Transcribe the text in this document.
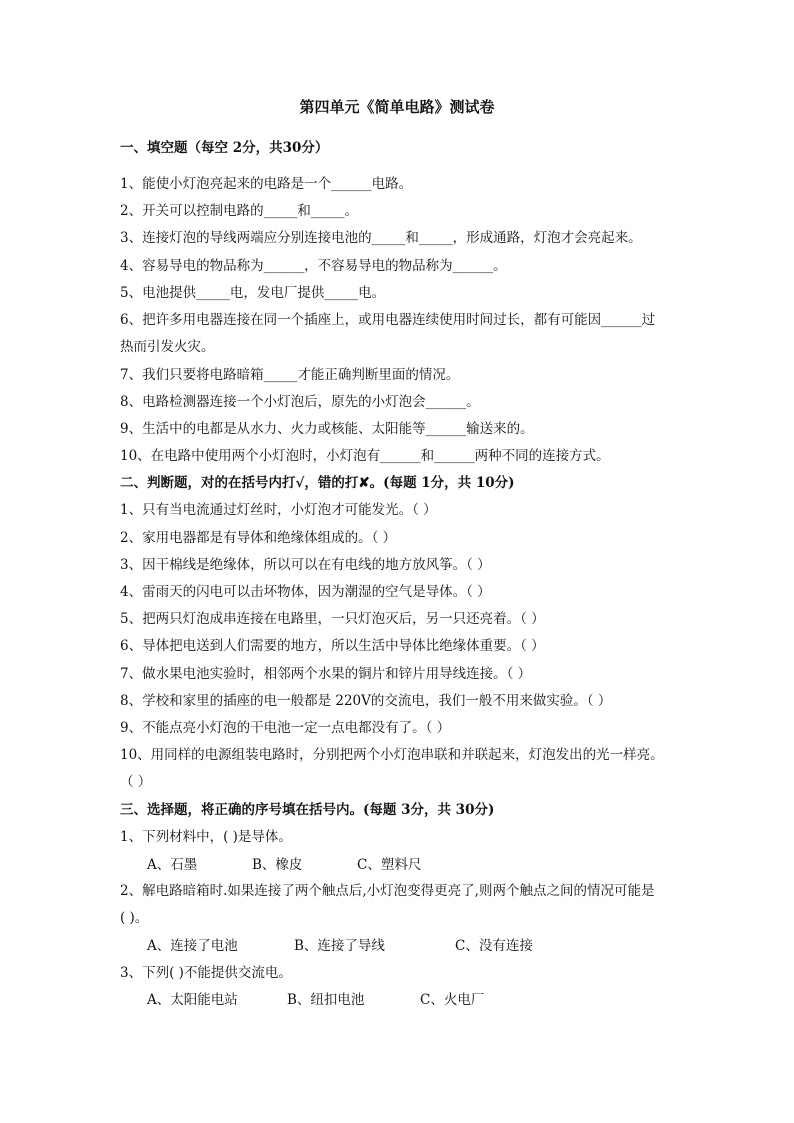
第四单元《简单电路》测试卷
一、填空题（每空 2分，共30分）
1、能使小灯泡亮起来的电路是一个______电路。
2、开关可以控制电路的_____和_____。
3、连接灯泡的导线两端应分别连接电池的_____和_____，形成通路，灯泡才会亮起来。
4、容易导电的物品称为______，不容易导电的物品称为______。
5、电池提供_____电，发电厂提供_____电。
6、把许多用电器连接在同一个插座上，或用电器连续使用时间过长，都有可能因______过
热而引发火灾。
7、我们只要将电路暗箱_____才能正确判断里面的情况。
8、电路检测器连接一个小灯泡后，原先的小灯泡会______。
9、生活中的电都是从水力、火力或核能、太阳能等______输送来的。
10、在电路中使用两个小灯泡时，小灯泡有______和______两种不同的连接方式。
二、判断题，对的在括号内打√，错的打✘。(每题 1分，共 10分)
1、只有当电流通过灯丝时，小灯泡才可能发光。（ ）
2、家用电器都是有导体和绝缘体组成的。（ ）
3、因干棉线是绝缘体，所以可以在有电线的地方放风筝。（ ）
4、雷雨天的闪电可以击坏物体，因为潮湿的空气是导体。（ ）
5、把两只灯泡成串连接在电路里，一只灯泡灭后，另一只还亮着。（ ）
6、导体把电送到人们需要的地方，所以生活中导体比绝缘体重要。（ ）
7、做水果电池实验时，相邻两个水果的铜片和锌片用导线连接。（ ）
8、学校和家里的插座的电一般都是 220V的交流电，我们一般不用来做实验。（ ）
9、不能点亮小灯泡的干电池一定一点电都没有了。（ ）
10、用同样的电源组装电路时，分别把两个小灯泡串联和并联起来，灯泡发出的光一样亮。
（ ）
三、选择题，将正确的序号填在括号内。(每题 3分，共 30分)
1、下列材料中，( )是导体。
A、石墨	B、橡皮	C、塑料尺
2、解电路暗箱时.如果连接了两个触点后,小灯泡变得更亮了,则两个触点之间的情况可能是
( )。
A、连接了电池	B、连接了导线	C、没有连接
3、下列( )不能提供交流电。
A、太阳能电站	B、纽扣电池	C、火电厂
